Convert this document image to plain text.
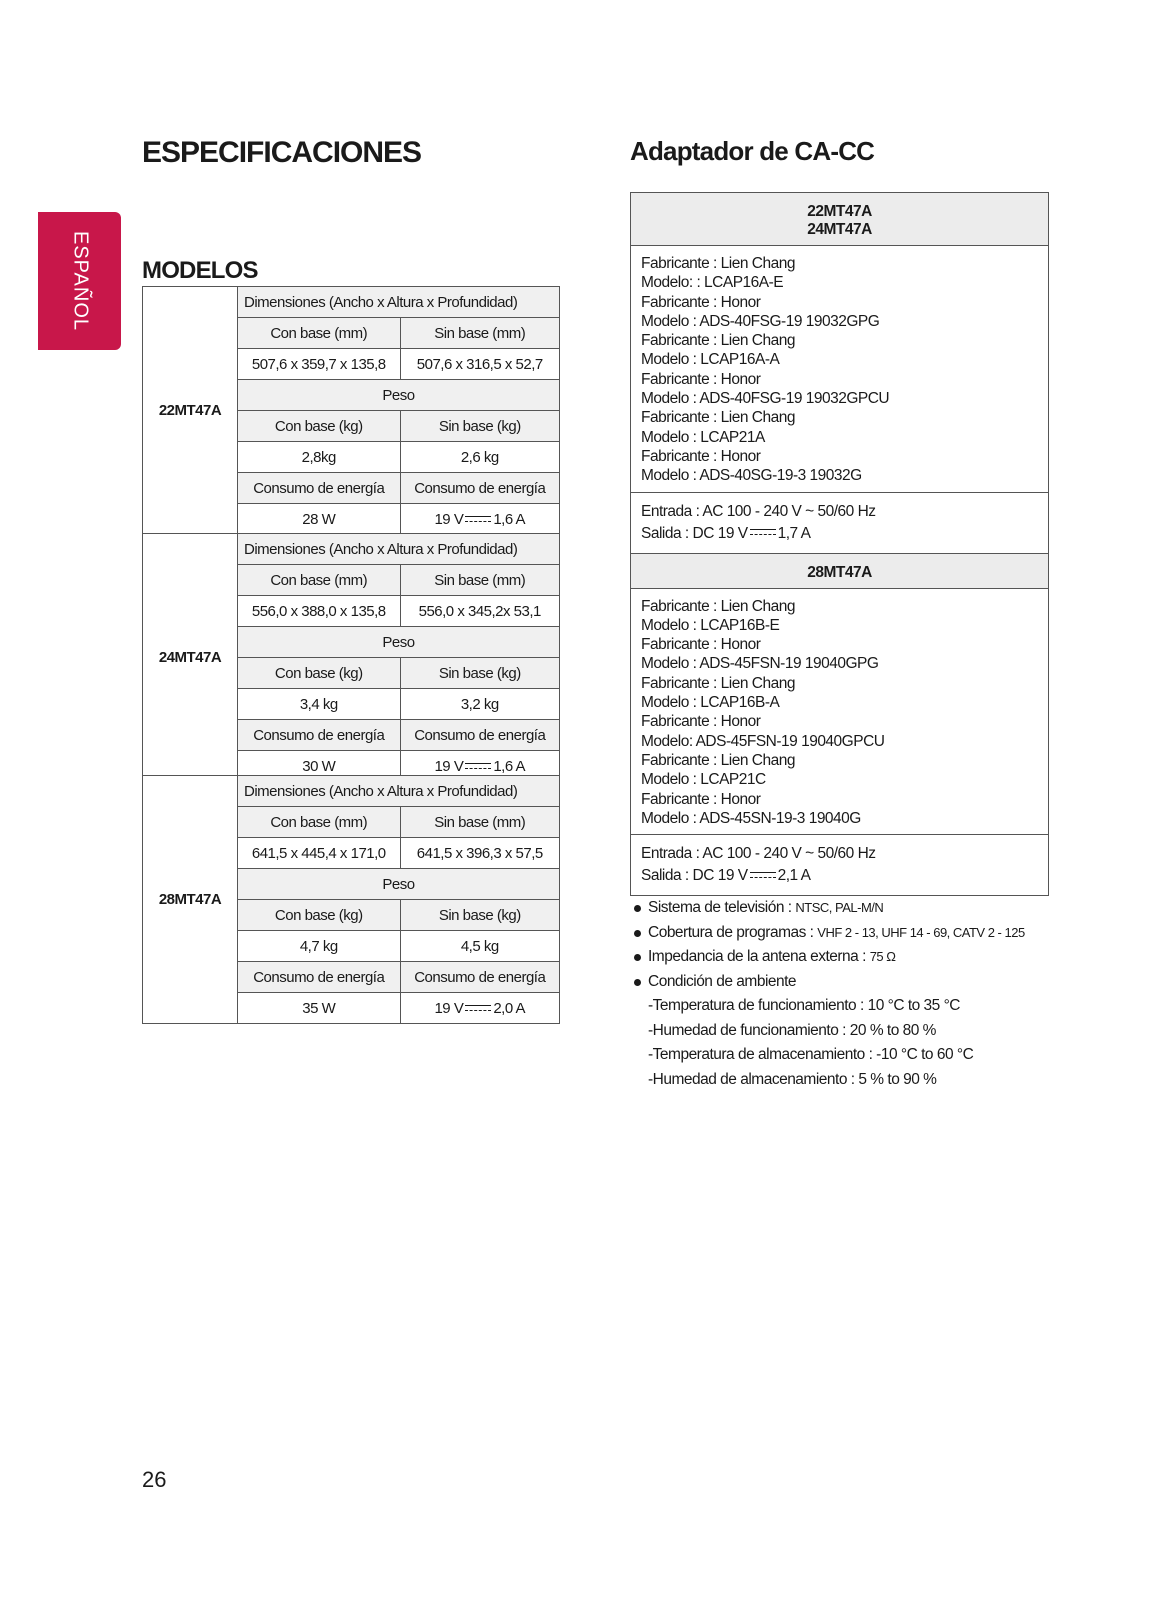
ESPECIFICACIONES	Adaptador de CA-CC
MODELOS
ESPAÑOL
22MT47A	Dimensiones (Ancho x Altura x Profundidad)	
	Con base (mm)	Sin base (mm)
	507,6 x 359,7 x 135,8	507,6 x 316,5 x 52,7
	Peso	
	Con base (kg)	Sin base (kg)
	2,8kg	2,6 kg
	Consumo de energía	Consumo de energía
	28 W	19 V 1,6 A
24MT47A	Dimensiones (Ancho x Altura x Profundidad)	
	Con base (mm)	Sin base (mm)
	556,0 x 388,0 x 135,8	556,0 x 345,2x 53,1
	Peso	
	Con base (kg)	Sin base (kg)
	3,4 kg	3,2 kg
	Consumo de energía	Consumo de energía
	30 W	19 V 1,6 A
28MT47A	Dimensiones (Ancho x Altura x Profundidad)	
	Con base (mm)	Sin base (mm)
	641,5 x 445,4 x 171,0	641,5 x 396,3 x 57,5
	Peso	
	Con base (kg)	Sin base (kg)
	4,7 kg	4,5 kg
	Consumo de energía	Consumo de energía
	35 W	19 V 2,0 A
22MT47A
24MT47A
Fabricante : Lien Chang
Modelo: : LCAP16A-E
Fabricante : Honor
Modelo : ADS-40FSG-19 19032GPG
Fabricante : Lien Chang
Modelo : LCAP16A-A
Fabricante : Honor
Modelo : ADS-40FSG-19 19032GPCU
Fabricante : Lien Chang
Modelo : LCAP21A
Fabricante : Honor
Modelo : ADS-40SG-19-3 19032G
Entrada : AC 100 - 240 V ~ 50/60 Hz
Salida : DC 19 V 1,7 A
28MT47A
Fabricante : Lien Chang
Modelo : LCAP16B-E
Fabricante : Honor
Modelo : ADS-45FSN-19 19040GPG
Fabricante : Lien Chang
Modelo : LCAP16B-A
Fabricante : Honor
Modelo: ADS-45FSN-19 19040GPCU
Fabricante : Lien Chang
Modelo : LCAP21C
Fabricante : Honor
Modelo : ADS-45SN-19-3 19040G
Entrada : AC 100 - 240 V ~ 50/60 Hz
Salida : DC 19 V 2,1 A
Sistema de televisión : NTSC, PAL-M/N
Cobertura de programas : VHF 2 - 13, UHF 14 - 69, CATV 2 - 125
Impedancia de la antena externa : 75 Ω
Condición de ambiente
-Temperatura de funcionamiento : 10 °C to 35 °C
-Humedad de funcionamiento : 20 % to 80 %
-Temperatura de almacenamiento : -10 °C to 60 °C
-Humedad de almacenamiento : 5 % to 90 %
26
